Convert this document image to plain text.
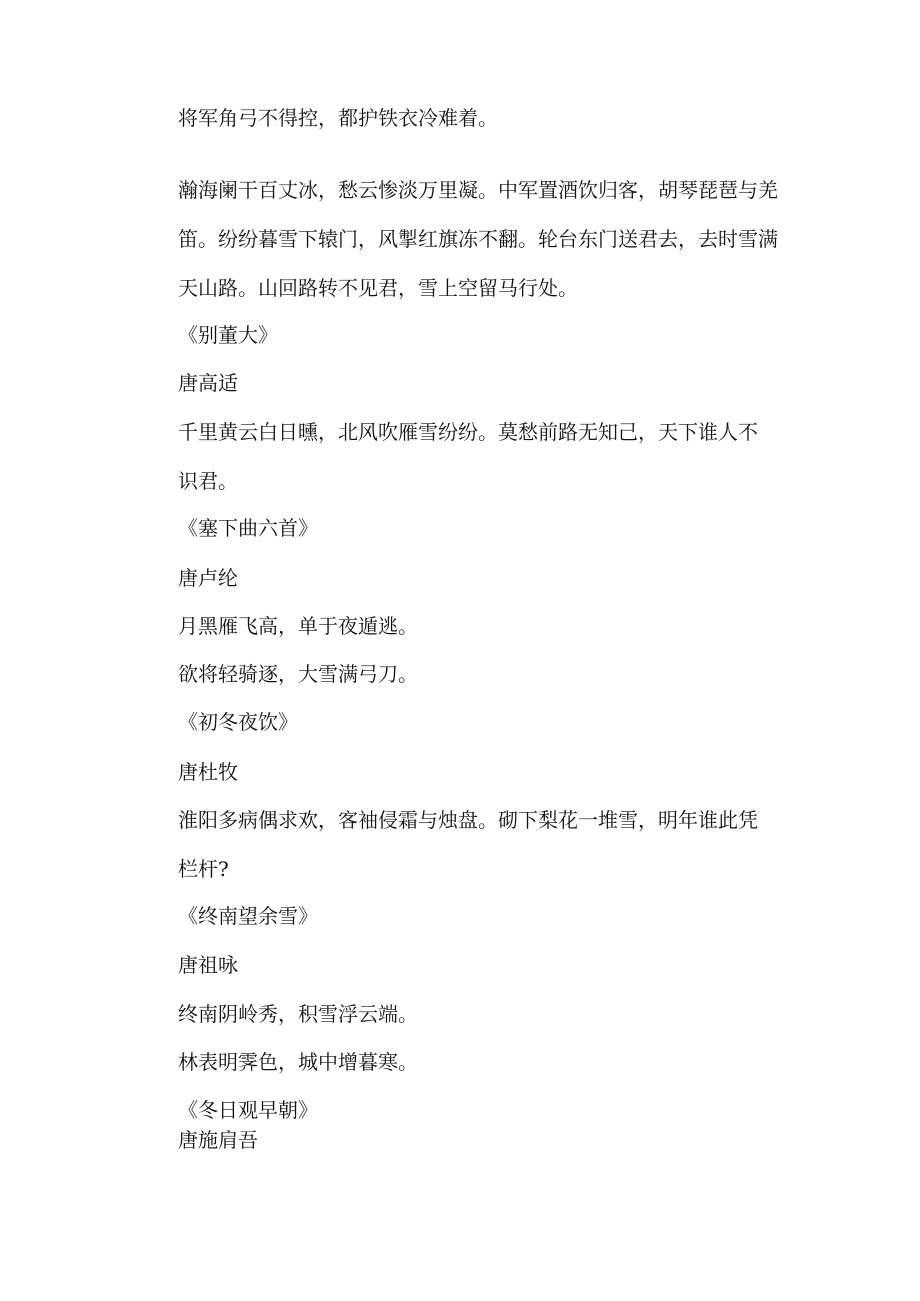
将军角弓不得控，都护铁衣冷难着。
瀚海阑干百丈冰，愁云惨淡万里凝。中军置酒饮归客，胡琴琵琶与羌
笛。纷纷暮雪下辕门，风掣红旗冻不翻。轮台东门送君去，去时雪满
天山路。山回路转不见君，雪上空留马行处。
《别董大》
唐高适
千里黄云白日曛，北风吹雁雪纷纷。莫愁前路无知己，天下谁人不
识君。
《塞下曲六首》
唐卢纶
月黑雁飞高，单于夜遁逃。
欲将轻骑逐，大雪满弓刀。
《初冬夜饮》
唐杜牧
淮阳多病偶求欢，客袖侵霜与烛盘。砌下梨花一堆雪，明年谁此凭
栏杆?
《终南望余雪》
唐祖咏
终南阴岭秀，积雪浮云端。
林表明霁色，城中增暮寒。
《冬日观早朝》
唐施肩吾
